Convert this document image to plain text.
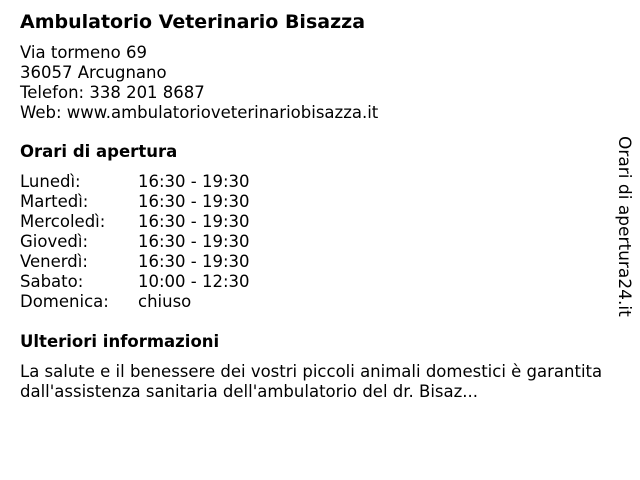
Ambulatorio Veterinario Bisazza
Via tormeno 69
36057 Arcugnano
Telefon: 338 201 8687
Web: www.ambulatorioveterinariobisazza.it
Orari di apertura
Lunedì:	16:30 - 19:30
Martedì:	16:30 - 19:30
Mercoledì:	16:30 - 19:30
Giovedì:	16:30 - 19:30
Venerdì:	16:30 - 19:30
Sabato:	10:00 - 12:30
Domenica:	chiuso
Ulteriori informazioni
La salute e il benessere dei vostri piccoli animali domestici è garantita dall'assistenza sanitaria dell'ambulatorio del dr. Bisaz...
Orari di apertura24.it
